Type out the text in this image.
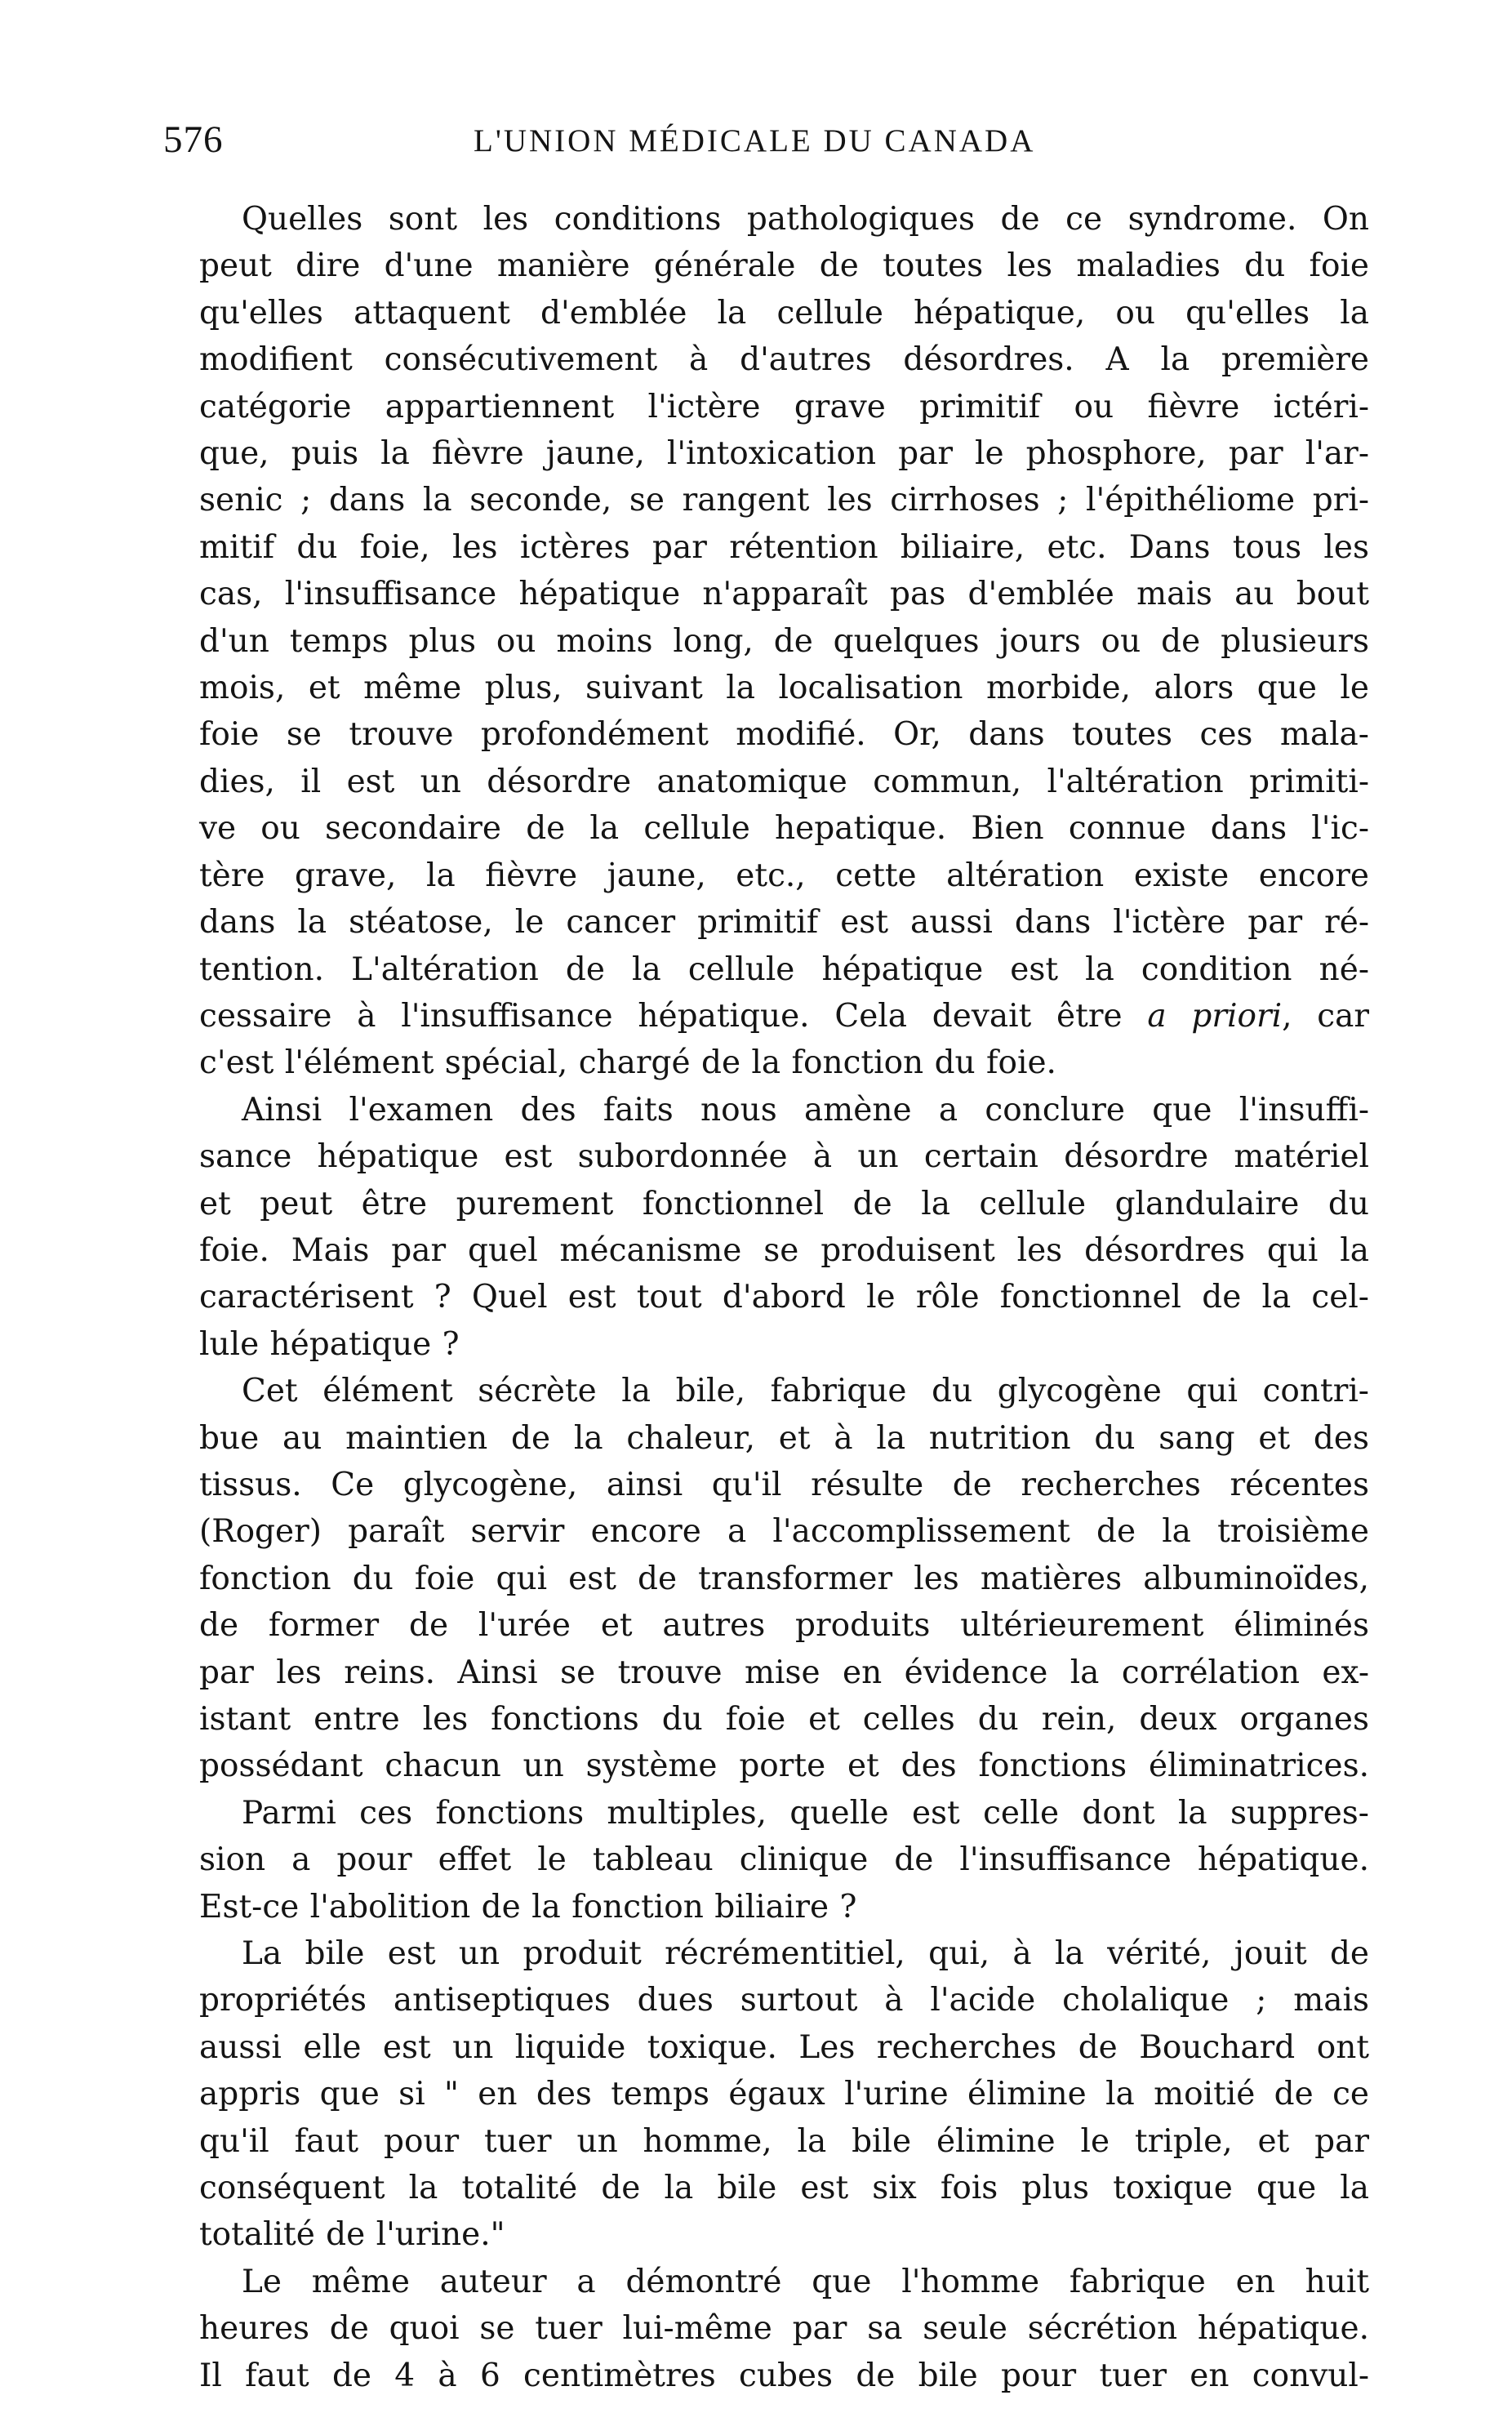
576	L'UNION MÉDICALE DU CANADA

Quelles sont les conditions pathologiques de ce syndrome. On
peut dire d'une manière générale de toutes les maladies du foie
qu'elles attaquent d'emblée la cellule hépatique, ou qu'elles la
modifient consécutivement à d'autres désordres. A la première
catégorie appartiennent l'ictère grave primitif ou fièvre ictéri-
que, puis la fièvre jaune, l'intoxication par le phosphore, par l'ar-
senic ; dans la seconde, se rangent les cirrhoses ; l'épithéliome pri-
mitif du foie, les ictères par rétention biliaire, etc. Dans tous les
cas, l'insuffisance hépatique n'apparaît pas d'emblée mais au bout
d'un temps plus ou moins long, de quelques jours ou de plusieurs
mois, et même plus, suivant la localisation morbide, alors que le
foie se trouve profondément modifié. Or, dans toutes ces mala-
dies, il est un désordre anatomique commun, l'altération primiti-
ve ou secondaire de la cellule hepatique. Bien connue dans l'ic-
tère grave, la fièvre jaune, etc., cette altération existe encore
dans la stéatose, le cancer primitif est aussi dans l'ictère par ré-
tention. L'altération de la cellule hépatique est la condition né-
cessaire à l'insuffisance hépatique. Cela devait être a priori, car
c'est l'élément spécial, chargé de la fonction du foie.

Ainsi l'examen des faits nous amène a conclure que l'insuffi-
sance hépatique est subordonnée à un certain désordre matériel
et peut être purement fonctionnel de la cellule glandulaire du
foie. Mais par quel mécanisme se produisent les désordres qui la
caractérisent ? Quel est tout d'abord le rôle fonctionnel de la cel-
lule hépatique ?

Cet élément sécrète la bile, fabrique du glycogène qui contri-
bue au maintien de la chaleur, et à la nutrition du sang et des
tissus. Ce glycogène, ainsi qu'il résulte de recherches récentes
(Roger) paraît servir encore a l'accomplissement de la troisième
fonction du foie qui est de transformer les matières albuminoïdes,
de former de l'urée et autres produits ultérieurement éliminés
par les reins. Ainsi se trouve mise en évidence la corrélation ex-
istant entre les fonctions du foie et celles du rein, deux organes
possédant chacun un système porte et des fonctions éliminatrices.

Parmi ces fonctions multiples, quelle est celle dont la suppres-
sion a pour effet le tableau clinique de l'insuffisance hépatique.
Est-ce l'abolition de la fonction biliaire ?

La bile est un produit récrémentitiel, qui, à la vérité, jouit de
propriétés antiseptiques dues surtout à l'acide cholalique ; mais
aussi elle est un liquide toxique. Les recherches de Bouchard ont
appris que si " en des temps égaux l'urine élimine la moitié de ce
qu'il faut pour tuer un homme, la bile élimine le triple, et par
conséquent la totalité de la bile est six fois plus toxique que la
totalité de l'urine."

Le même auteur a démontré que l'homme fabrique en huit
heures de quoi se tuer lui-même par sa seule sécrétion hépatique.
Il faut de 4 à 6 centimètres cubes de bile pour tuer en convul-
